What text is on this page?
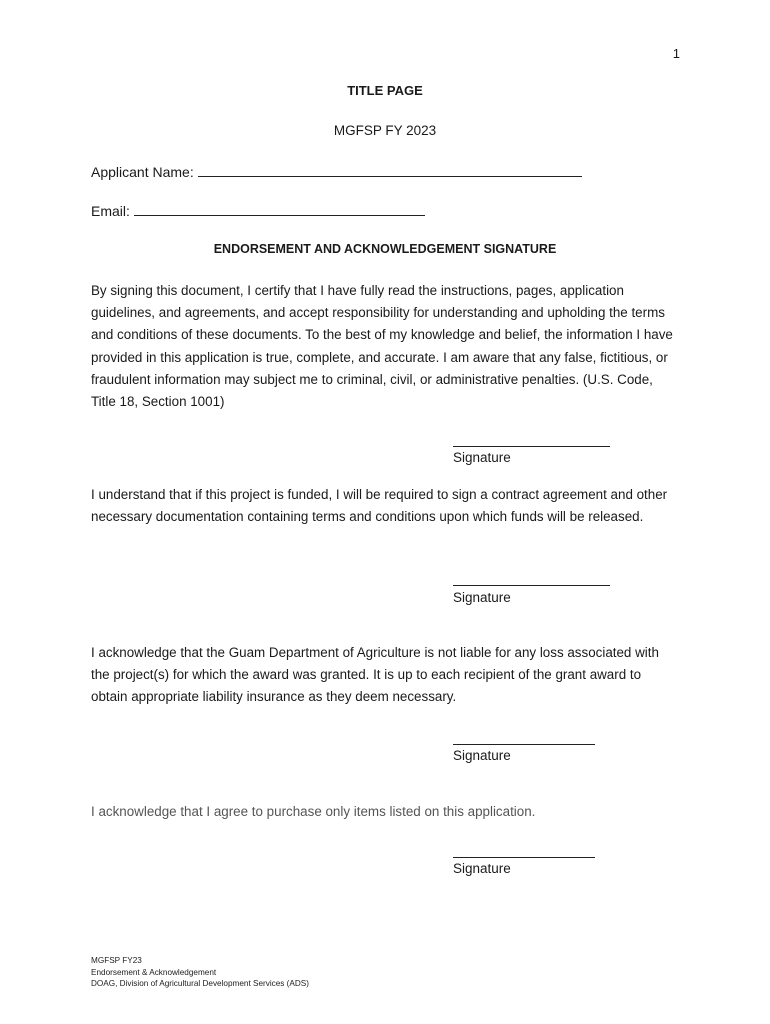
1
TITLE PAGE
MGFSP FY 2023
Applicant Name:
Email:
ENDORSEMENT AND ACKNOWLEDGEMENT SIGNATURE

By signing this document, I certify that I have fully read the instructions, pages, application guidelines, and agreements, and accept responsibility for understanding and upholding the terms and conditions of these documents. To the best of my knowledge and belief, the information I have provided in this application is true, complete, and accurate. I am aware that any false, fictitious, or fraudulent information may subject me to criminal, civil, or administrative penalties. (U.S. Code, Title 18, Section 1001)

Signature

I understand that if this project is funded, I will be required to sign a contract agreement and other necessary documentation containing terms and conditions upon which funds will be released.

Signature

I acknowledge that the Guam Department of Agriculture is not liable for any loss associated with the project(s) for which the award was granted. It is up to each recipient of the grant award to obtain appropriate liability insurance as they deem necessary.

Signature

I acknowledge that I agree to purchase only items listed on this application.

Signature
MGFSP FY23
Endorsement & Acknowledgement
DOAG, Division of Agricultural Development Services (ADS)
